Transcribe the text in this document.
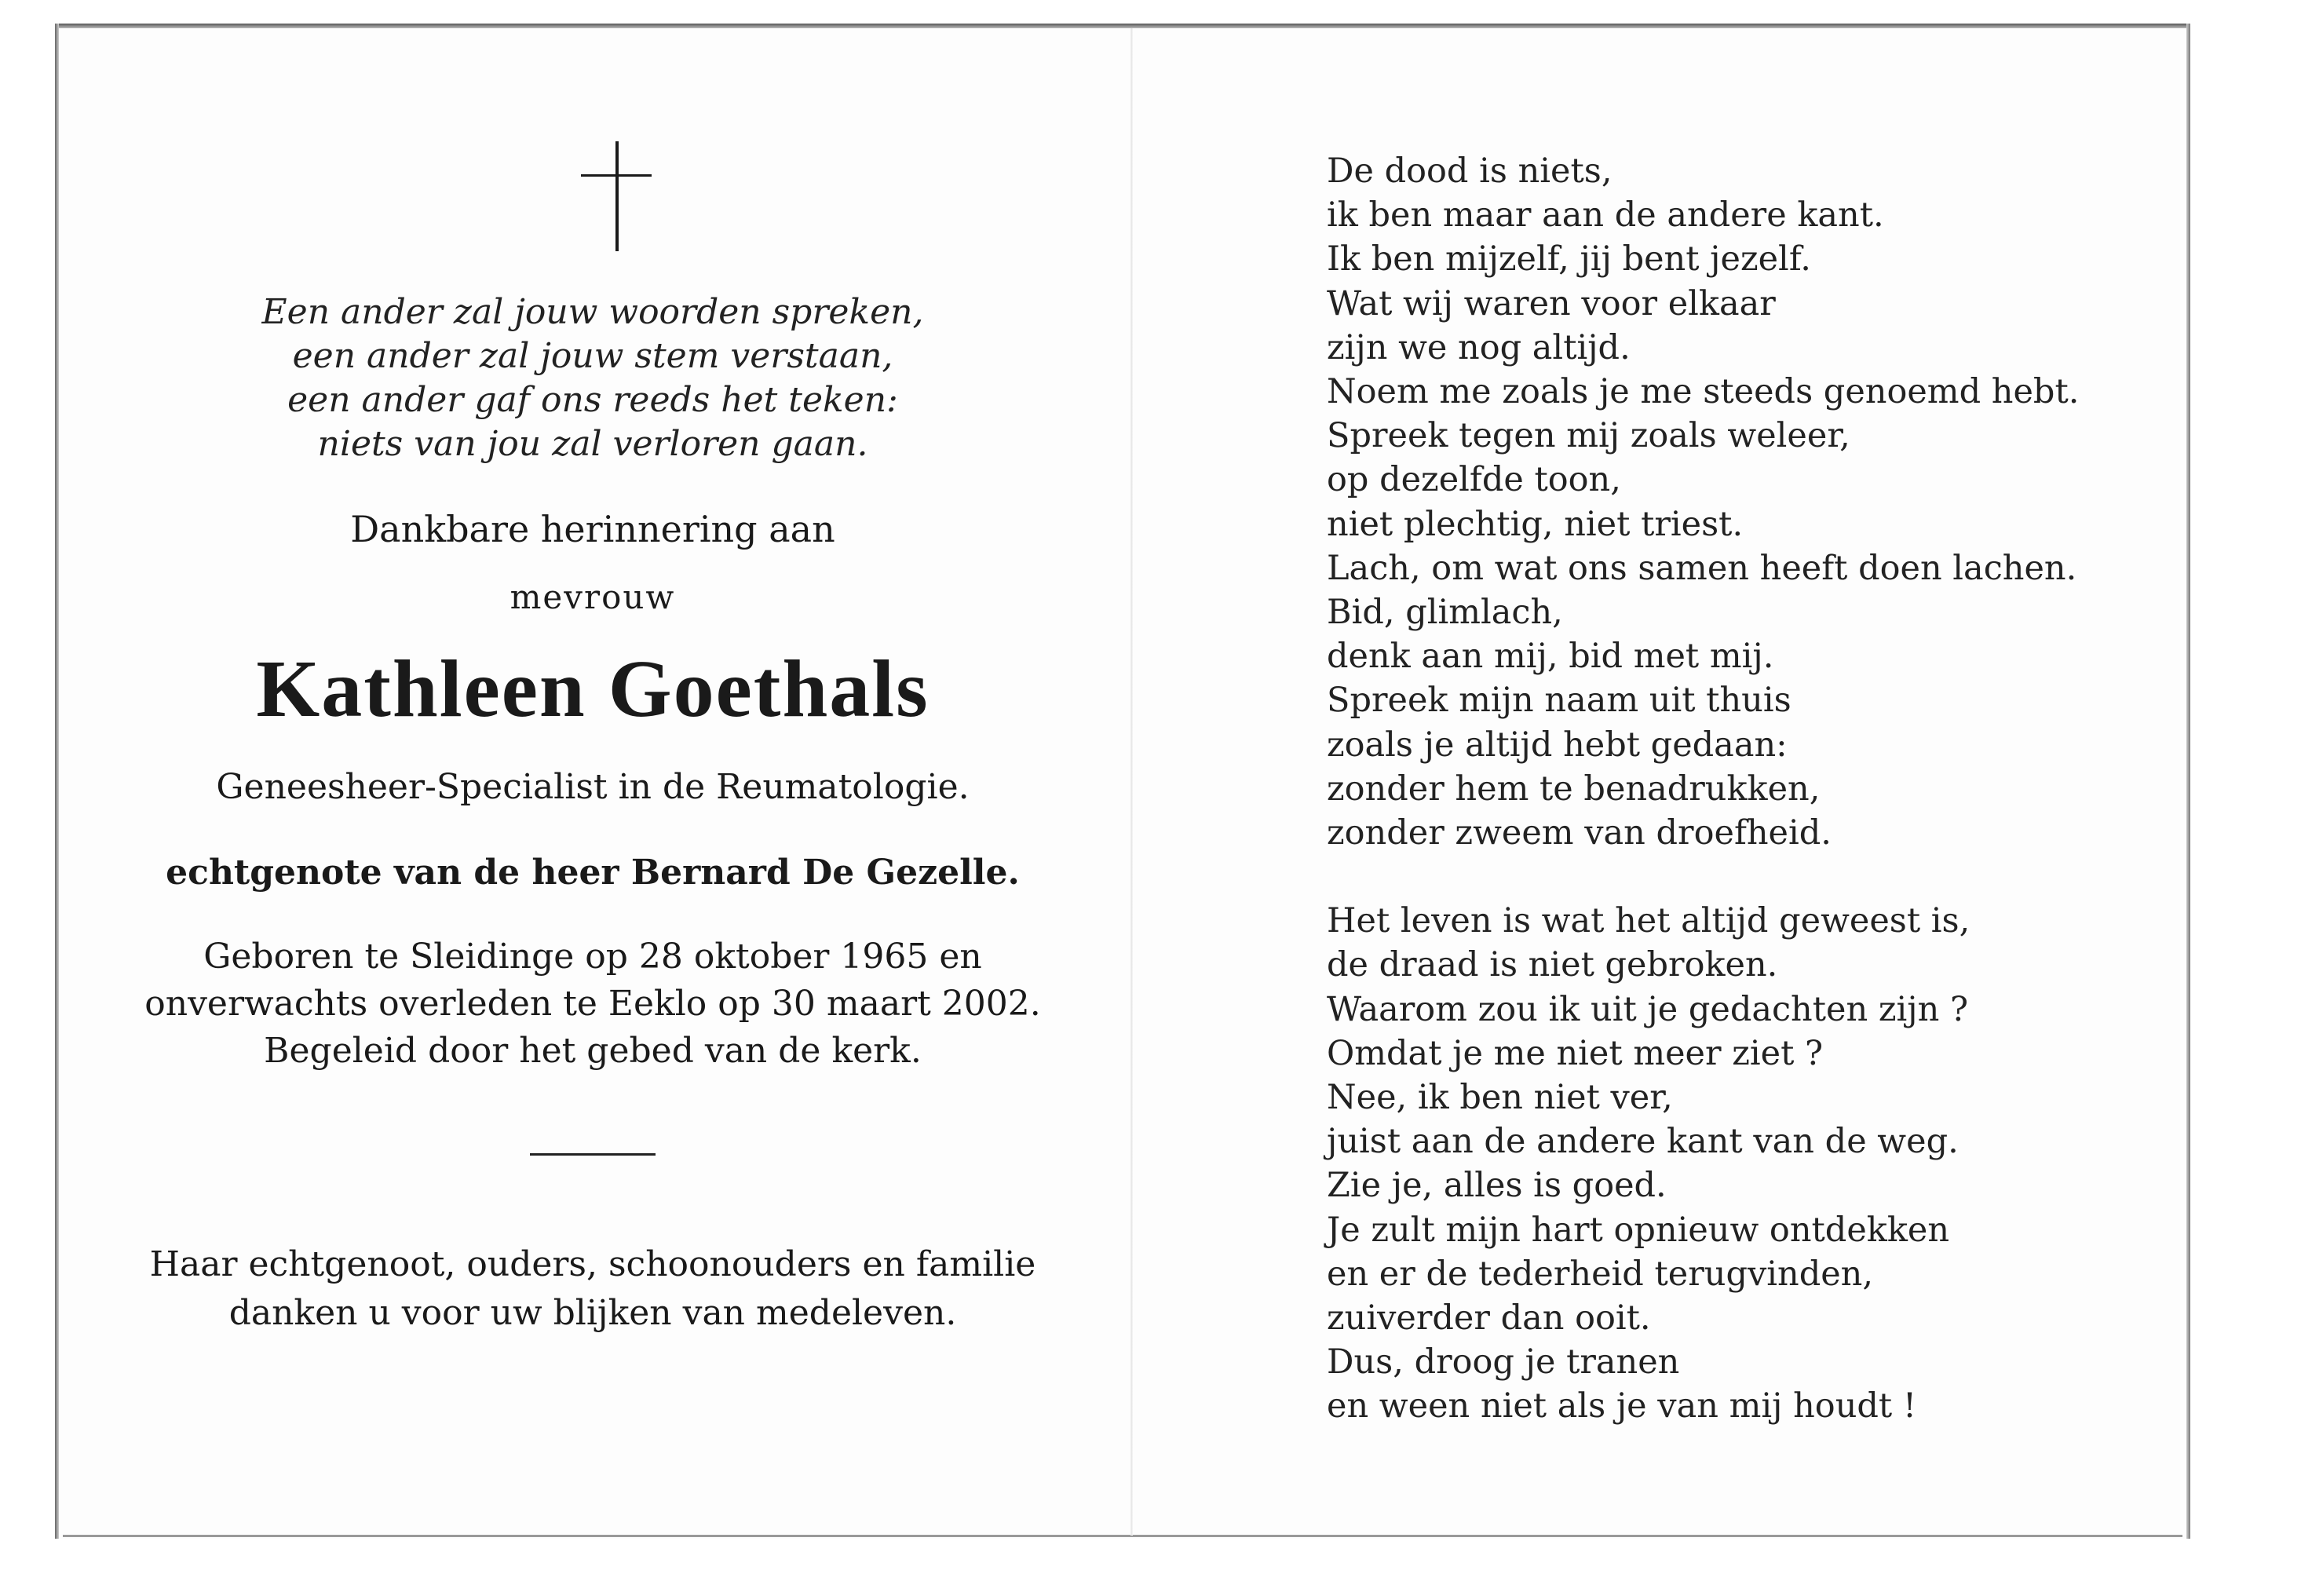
Een ander zal jouw woorden spreken,
een ander zal jouw stem verstaan,
een ander gaf ons reeds het teken:
niets van jou zal verloren gaan.
Dankbare herinnering aan
mevrouw
Kathleen Goethals
Geneesheer-Specialist in de Reumatologie.
echtgenote van de heer Bernard De Gezelle.
Geboren te Sleidinge op 28 oktober 1965 en
onverwachts overleden te Eeklo op 30 maart 2002.
Begeleid door het gebed van de kerk.
Haar echtgenoot, ouders, schoonouders en familie
danken u voor uw blijken van medeleven.
De dood is niets,
ik ben maar aan de andere kant.
Ik ben mijzelf, jij bent jezelf.
Wat wij waren voor elkaar
zijn we nog altijd.
Noem me zoals je me steeds genoemd hebt.
Spreek tegen mij zoals weleer,
op dezelfde toon,
niet plechtig, niet triest.
Lach, om wat ons samen heeft doen lachen.
Bid, glimlach,
denk aan mij, bid met mij.
Spreek mijn naam uit thuis
zoals je altijd hebt gedaan:
zonder hem te benadrukken,
zonder zweem van droefheid.
Het leven is wat het altijd geweest is,
de draad is niet gebroken.
Waarom zou ik uit je gedachten zijn ?
Omdat je me niet meer ziet ?
Nee, ik ben niet ver,
juist aan de andere kant van de weg.
Zie je, alles is goed.
Je zult mijn hart opnieuw ontdekken
en er de tederheid terugvinden,
zuiverder dan ooit.
Dus, droog je tranen
en ween niet als je van mij houdt !
